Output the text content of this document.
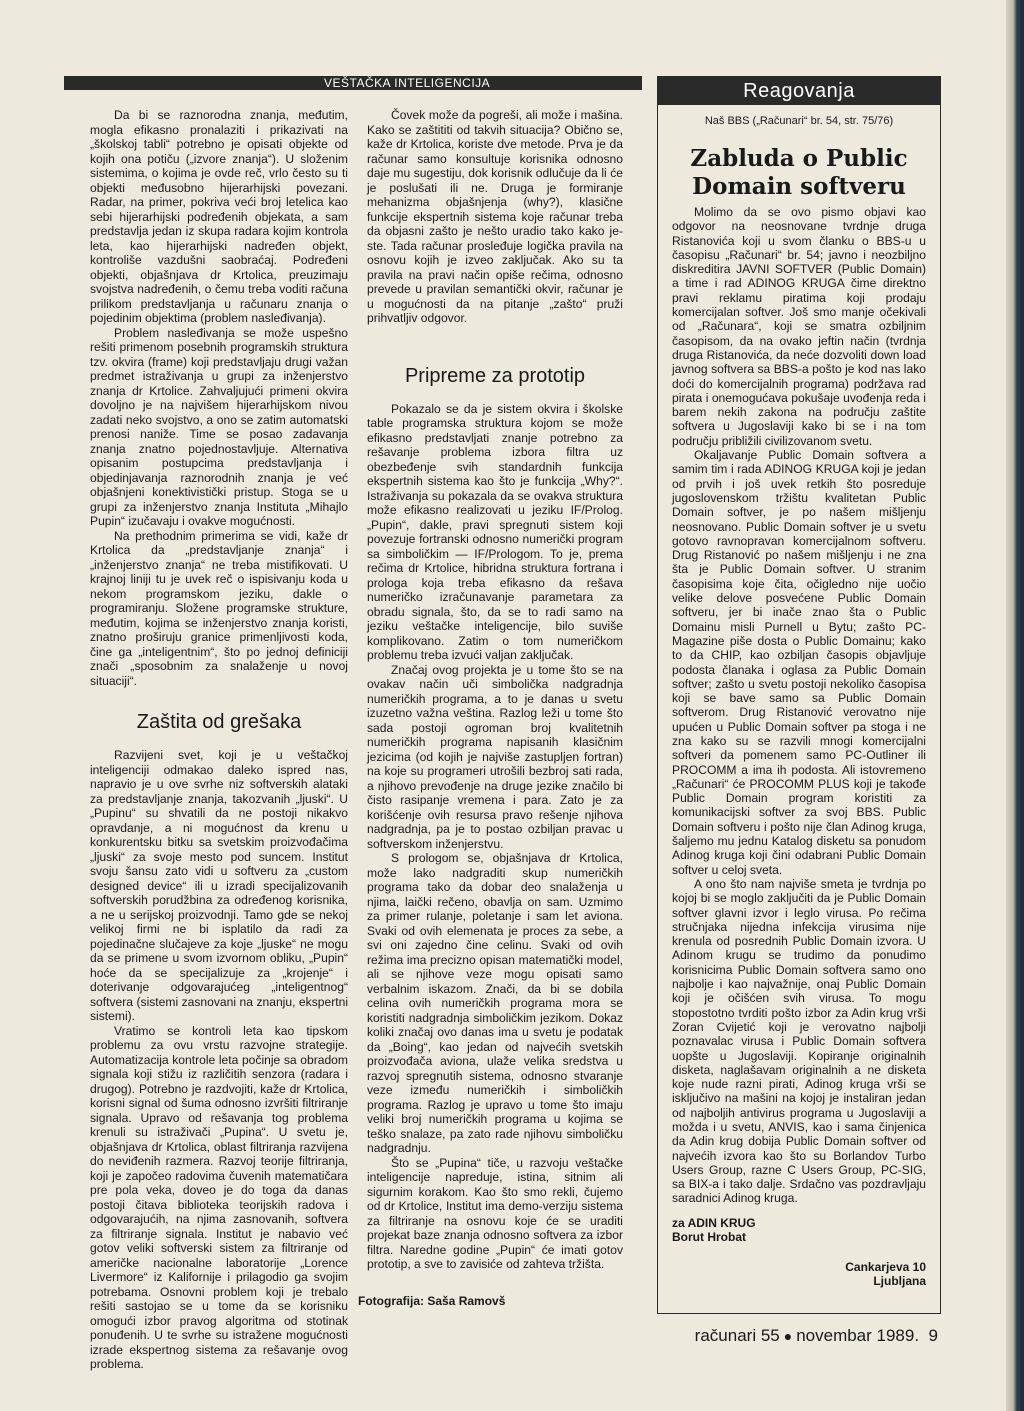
VEŠTAČKA INTELIGENCIJA

Da bi se raznorodna znanja, međutim, mogla efikasno pronalaziti i prikazivati na „školskoj tabli“ potrebno je opisati objekte od kojih ona potiču („izvore znanja“). U složenim sistemima, o kojima je ovde reč, vrlo često su ti objekti međusobno hijerarhijski povezani. Radar, na primer, pokriva veći broj letelica kao sebi hijerarhijski podređenih objekata, a sam predstavlja jedan iz skupa radara kojim kontrola leta, kao hijerarhijski nadređen objekt, kontroliše vazdušni saobraćaj. Podređeni objekti, objašnjava dr Krtolica, preuzimaju svojstva nadređenih, o čemu treba voditi računa prilikom predstavljanja u računaru znanja o pojedinim objektima (problem nasleđivanja).

Problem nasleđivanja se može uspešno rešiti primenom posebnih programskih struktura tzv. okvira (frame) koji predstavljaju drugi važan predmet istraživanja u grupi za inženjerstvo znanja dr Krtolice. Zahvaljujući primeni okvira dovoljno je na najvišem hijerarhijskom nivou zadati neko svojstvo, a ono se zatim automatski prenosi naniže. Time se posao zadavanja znanja znatno pojednostavljuje. Alternativa opisanim postupcima predstavljanja i objedinjavanja raznorodnih znanja je već objašnjeni konektivistički pristup. Stoga se u grupi za inženjerstvo znanja Instituta „Mihajlo Pupin“ izučavaju i ovakve mogućnosti.

Na prethodnim primerima se vidi, kaže dr Krtolica da „predstavljanje znanja“ i „inženjerstvo znanja“ ne treba mistifikovati. U krajnoj liniji tu je uvek reč o ispisivanju koda u nekom programskom jeziku, dakle o programiranju. Složene programske strukture, međutim, kojima se inženjerstvo znanja koristi, znatno proširuju granice primenljivosti koda, čine ga „inteligentnim“, što po jednoj definiciji znači „sposobnim za snalaženje u novoj situaciji“.

Zaštita od grešaka

Razvijeni svet, koji je u veštačkoj inteligenciji odmakao daleko ispred nas, napravio je u ove svrhe niz softverskih alataki za predstavljanje znanja, takozvanih „ljuski“. U „Pupinu“ su shvatili da ne postoji nikakvo opravdanje, a ni mogućnost da krenu u konkurentsku bitku sa svetskim proizvođačima „ljuski“ za svoje mesto pod suncem. Institut svoju šansu zato vidi u softveru za „custom designed device“ ili u izradi specijalizovanih softverskih porudžbina za određenog korisnika, a ne u serijskoj proizvodnji. Tamo gde se nekoj velikoj firmi ne bi isplatilo da radi za pojedinačne slučajeve za koje „ljuske“ ne mogu da se primene u svom izvornom obliku, „Pupin“ hoće da se specijalizuje za „krojenje“ i doterivanje odgovarajućeg „inteligentnog“ softvera (sistemi zasnovani na znanju, ekspertni sistemi).

Vratimo se kontroli leta kao tipskom problemu za ovu vrstu razvojne strategije. Automatizacija kontrole leta počinje sa obradom signala koji stižu iz različitih senzora (radara i drugog). Potrebno je razdvojiti, kaže dr Krtolica, korisni signal od šuma odnosno izvršiti filtriranje signala. Upravo od rešavanja tog problema krenuli su istraživači „Pupina“. U svetu je, objašnjava dr Krtolica, oblast filtriranja razvijena do neviđenih razmera. Razvoj teorije filtriranja, koji je započeo radovima čuvenih matematičara pre pola veka, doveo je do toga da danas postoji čitava biblioteka teorijskih radova i odgovarajućih, na njima zasnovanih, softvera za filtriranje signala. Institut je nabavio već gotov veliki softverski sistem za filtriranje od američke nacionalne laboratorije „Lorence Livermore“ iz Kalifornije i prilagodio ga svojim potrebama. Osnovni problem koji je trebalo rešiti sastojao se u tome da se korisniku omogući izbor pravog algoritma od stotinak ponuđenih. U te svrhe su istražene mogućnosti izrade ekspertnog sistema za rešavanje ovog problema.

Čovek može da pogreši, ali može i mašina. Kako se zaštititi od takvih situacija? Obično se, kaže dr Krtolica, koriste dve metode. Prva je da računar samo konsultuje korisnika odnosno daje mu sugestiju, dok korisnik odlučuje da li će je poslušati ili ne. Druga je formiranje mehanizma objašnjenja (why?), klasične funkcije ekspertnih sistema koje računar treba da objasni zašto je nešto uradio tako kako je-ste. Tada računar prosleđuje logička pravila na osnovu kojih je izveo zaključak. Ako su ta pravila na pravi način opiše rečima, odnosno prevede u pravilan semantički okvir, računar je u mogućnosti da na pitanje „zašto“ pruži prihvatljiv odgovor.

Pripreme za prototip

Pokazalo se da je sistem okvira i školske table programska struktura kojom se može efikasno predstavljati znanje potrebno za rešavanje problema izbora filtra uz obezbeđenje svih standardnih funkcija ekspertnih sistema kao što je funkcija „Why?“. Istraživanja su pokazala da se ovakva struktura može efikasno realizovati u jeziku IF/Prolog. „Pupin“, dakle, pravi spregnuti sistem koji povezuje fortranski odnosno numerički program sa simboličkim — IF/Prologom. To je, prema rečima dr Krtolice, hibridna struktura fortrana i prologa koja treba efikasno da rešava numeričko izračunavanje parametara za obradu signala, što, da se to radi samo na jeziku veštačke inteligencije, bilo suviše komplikovano. Zatim o tom numeričkom problemu treba izvući valjan zaključak.

Značaj ovog projekta je u tome što se na ovakav način uči simbolička nadgradnja numeričkih programa, a to je danas u svetu izuzetno važna veština. Razlog leži u tome što sada postoji ogroman broj kvalitetnih numeričkih programa napisanih klasičnim jezicima (od kojih je najviše zastupljen fortran) na koje su programeri utrošili bezbroj sati rada, a njihovo prevođenje na druge jezike značilo bi čisto rasipanje vremena i para. Zato je za korišćenje ovih resursa pravo rešenje njihova nadgradnja, pa je to postao ozbiljan pravac u softverskom inženjerstvu.

S prologom se, objašnjava dr Krtolica, može lako nadgraditi skup numeričkih programa tako da dobar deo snalaženja u njima, laički rečeno, obavlja on sam. Uzmimo za primer rulanje, poletanje i sam let aviona. Svaki od ovih elemenata je proces za sebe, a svi oni zajedno čine celinu. Svaki od ovih režima ima precizno opisan matematički model, ali se njihove veze mogu opisati samo verbalnim iskazom. Znači, da bi se dobila celina ovih numeričkih programa mora se koristiti nadgradnja simboličkim jezikom. Dokaz koliki značaj ovo danas ima u svetu je podatak da „Boing“, kao jedan od najvećih svetskih proizvođača aviona, ulaže velika sredstva u razvoj spregnutih sistema, odnosno stvaranje veze između numeričkih i simboličkih programa. Razlog je upravo u tome što imaju veliki broj numeričkih programa u kojima se teško snalaze, pa zato rade njihovu simboličku nadgradnju.

Što se „Pupina“ tiče, u razvoju veštačke inteligencije napreduje, istina, sitnim ali sigurnim korakom. Kao što smo rekli, čujemo od dr Krtolice, Institut ima demo-verziju sistema za filtriranje na osnovu koje će se uraditi projekat baze znanja odnosno softvera za izbor filtra. Naredne godine „Pupin“ će imati gotov prototip, a sve to zavisiće od zahteva tržišta.

Fotografija: Saša Ramovš
Reagovanja
Naš BBS („Računari“ br. 54, str. 75/76)
Zabluda o Public Domain softveru

Molimo da se ovo pismo objavi kao odgovor na neosnovane tvrdnje druga Ristanovića koji u svom članku o BBS-u u časopisu „Računari“ br. 54; javno i neozbiljno diskreditira JAVNI SOFTVER (Public Domain) a time i rad ADINOG KRUGA čime direktno pravi reklamu piratima koji prodaju komercijalan softver. Još smo manje očekivali od „Računara“, koji se smatra ozbiljnim časopisom, da na ovako jeftin način (tvrdnja druga Ristanovića, da neće dozvoliti down load javnog softvera sa BBS-a pošto je kod nas lako doći do komercijalnih programa) podržava rad pirata i onemogućava pokušaje uvođenja reda i barem nekih zakona na području zaštite softvera u Jugoslaviji kako bi se i na tom području približili civilizovanom svetu.

Okaljavanje Public Domain softvera a samim tim i rada ADINOG KRUGA koji je jedan od prvih i još uvek retkih što posreduje jugoslovenskom tržištu kvalitetan Public Domain softver, je po našem mišljenju neosnovano. Public Domain softver je u svetu gotovo ravnopravan komercijalnom softveru. Drug Ristanović po našem mišljenju i ne zna šta je Public Domain softver. U stranim časopisima koje čita, očigledno nije uočio velike delove posvećene Public Domain softveru, jer bi inače znao šta o Public Domainu misli Purnell u Bytu; zašto PC-Magazine piše dosta o Public Domainu; kako to da CHIP, kao ozbiljan časopis objavljuje podosta članaka i oglasa za Public Domain softver; zašto u svetu postoji nekoliko časopisa koji se bave samo sa Public Domain softverom. Drug Ristanović verovatno nije upućen u Public Domain softver pa stoga i ne zna kako su se razvili mnogi komercijalni softveri da pomenem samo PC-Outliner ili PROCOMM a ima ih podosta. Ali istovremeno „Računari“ će PROCOMM PLUS koji je takođe Public Domain program koristiti za komunikacijski softver za svoj BBS. Public Domain softveru i pošto nije član Adinog kruga, šaljemo mu jednu Katalog disketu sa ponudom Adinog kruga koji čini odabrani Public Domain softver u celoj sveta.

A ono što nam najviše smeta je tvrdnja po kojoj bi se moglo zaključiti da je Public Domain softver glavni izvor i leglo virusa. Po rečima stručnjaka nijedna infekcija virusima nije krenula od posrednih Public Domain izvora. U Adinom krugu se trudimo da ponudimo korisnicima Public Domain softvera samo ono najbolje i kao najvažnije, onaj Public Domain koji je očišćen svih virusa. To mogu stopostotno tvrditi pošto izbor za Adin krug vrši Zoran Cvijetić koji je verovatno najbolji poznavalac virusa i Public Domain softvera uopšte u Jugoslaviji. Kopiranje originalnih disketa, naglašavam originalnih a ne disketa koje nude razni pirati, Adinog kruga vrši se isključivo na mašini na kojoj je instaliran jedan od najboljih antivirus programa u Jugoslaviji a možda i u svetu, ANVIS, kao i sama činjenica da Adin krug dobija Public Domain softver od najvećih izvora kao što su Borlandov Turbo Users Group, razne C Users Group, PC-SIG, sa BIX-a i tako dalje. Srdačno vas pozdravljaju saradnici Adinog kruga.

za ADIN KRUG
Borut Hrobat
Cankarjeva 10
Ljubljana
računari 55 ● novembar 1989. 9
